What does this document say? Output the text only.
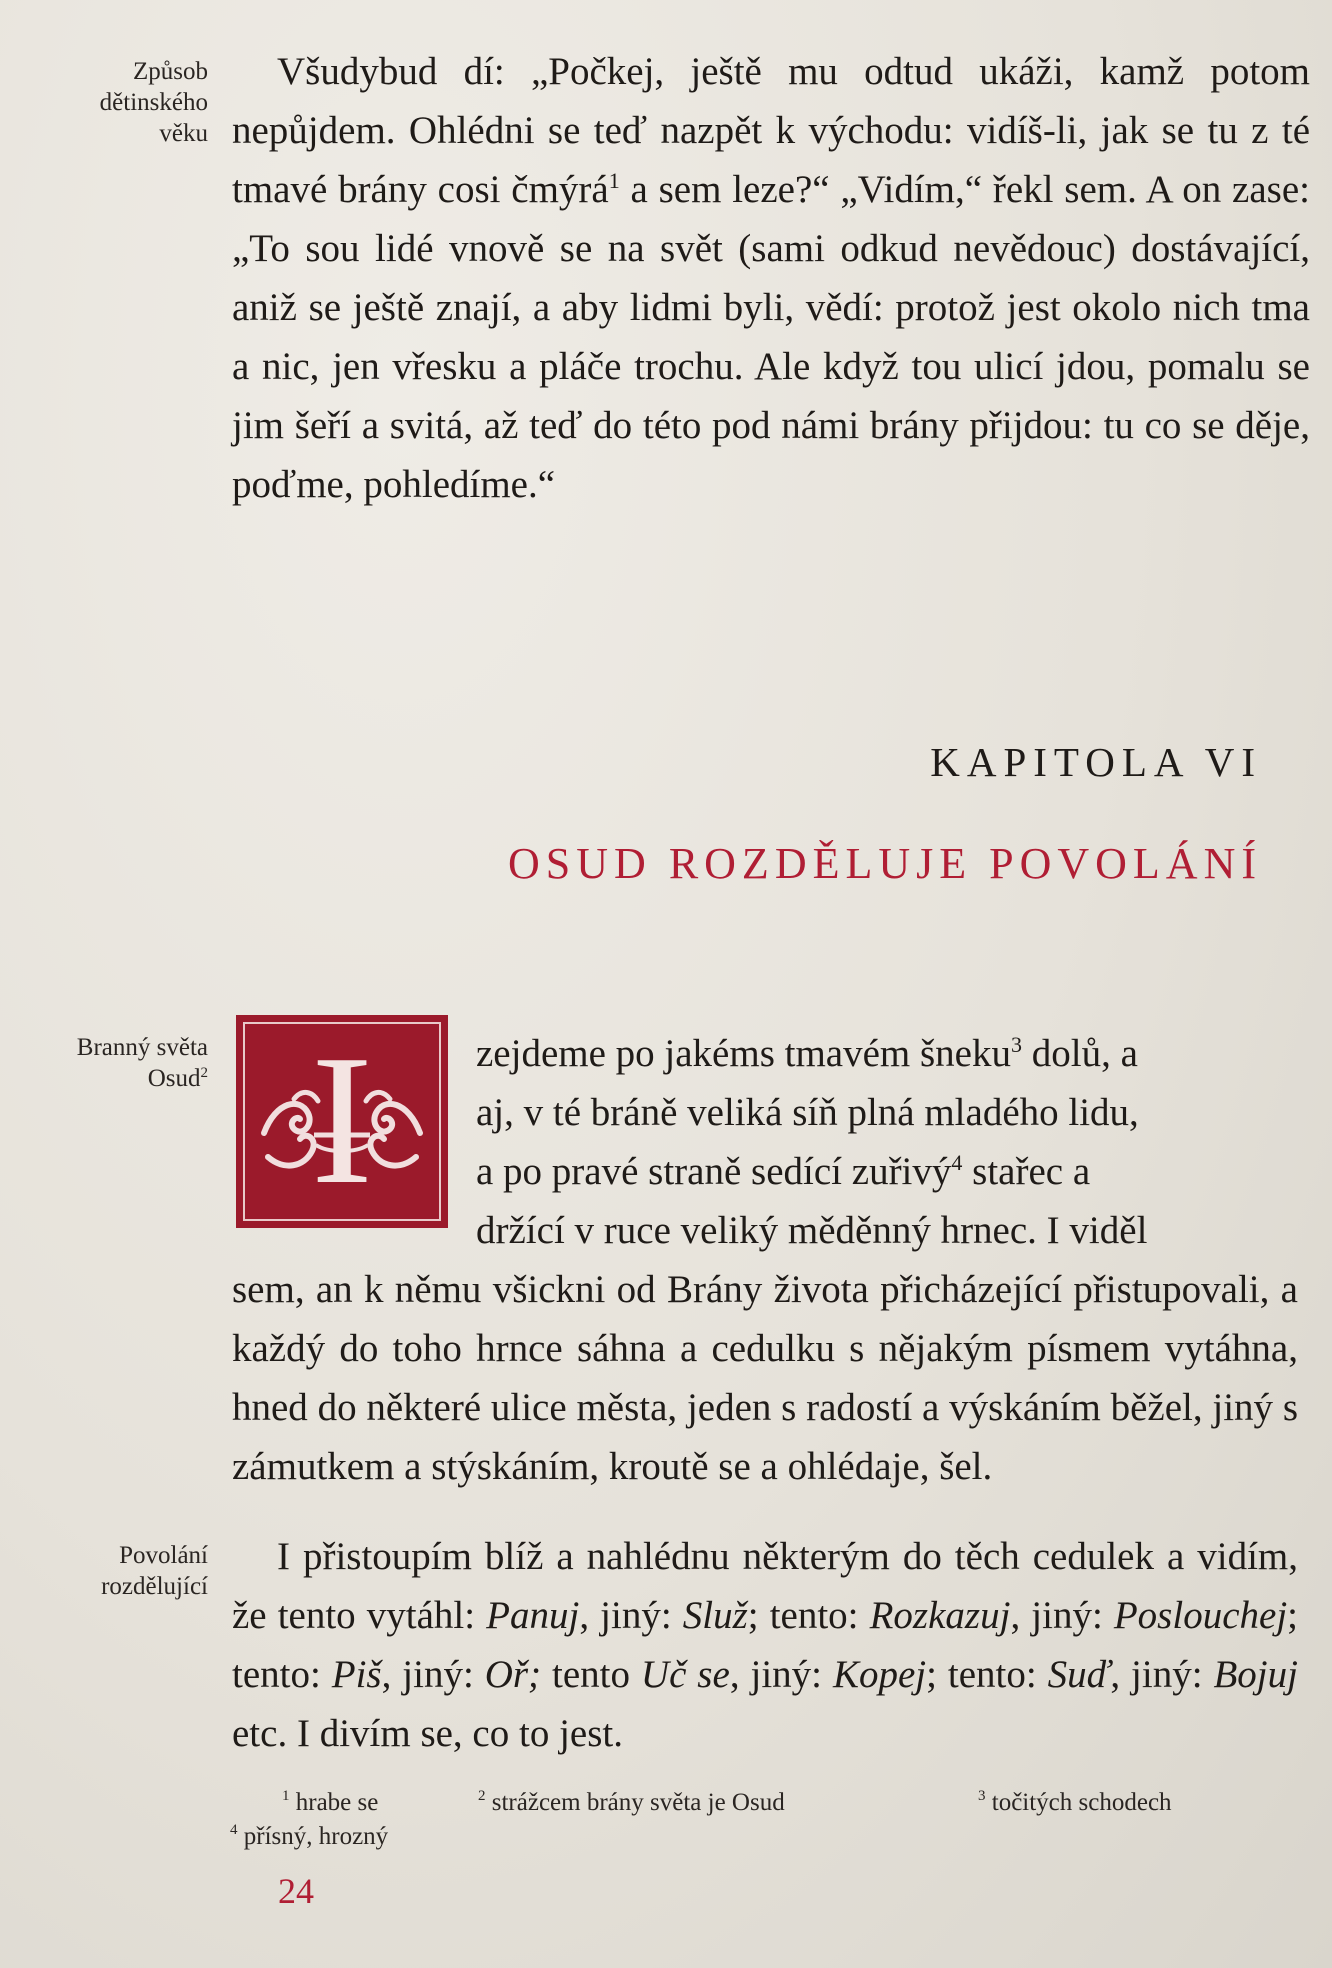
Způsob
dětinského
věku

Všudybud dí: „Počkej, ještě mu odtud ukáži, kamž potom nepůjdem. Ohlédni se teď nazpět k východu: vidíš-li, jak se tu z té tmavé brány cosi čmýrá$^1$ a sem leze?“ „Vidím,“ řekl sem. A on zase: „To sou lidé vnově se na svět (sami odkud nevědouc) dostávající, aniž se ještě znají, a aby lidmi byli, vědí: protož jest okolo nich tma a nic, jen vřesku a pláče trochu. Ale když tou ulicí jdou, pomalu se jim šeří a svitá, až teď do této pod námi brány přijdou: tu co se děje, poďme, pohledíme.“

KAPITOLA VI
OSUD ROZDĚLUJE POVOLÁNÍ
Branný světa
Osud$^2$ I	zejdeme po jakéms tmavém šneku$^3$ dolů, a

aj, v té bráně veliká síň plná mladého lidu,

a po pravé straně sedící zuřivý$^4$ stařec a

držící v ruce veliký měděnný hrnec. I viděl

sem, an k němu všickni od Brány života přicházející přistupovali, a každý do toho hrnce sáhna a cedulku s nějakým písmem vytáhna, hned do některé ulice města, jeden s radostí a výskáním běžel, jiný s zámutkem a stýskáním, kroutě se a ohlédaje, šel.

Povolání
rozdělující

I přistoupím blíž a nahlédnu některým do těch cedulek a vidím, že tento vytáhl: Panuj, jiný: Služ; tento: Rozkazuj, jiný: Poslouchej; tento: Piš, jiný: Oř; tento Uč se, jiný: Kopej; tento: Suď, jiný: Bojuj etc. I divím se, co to jest.

$^1$ hrabe se	$^2$ strážcem brány světa je Osud	$^3$ točitých schodech
$^4$ přísný, hrozný
24
